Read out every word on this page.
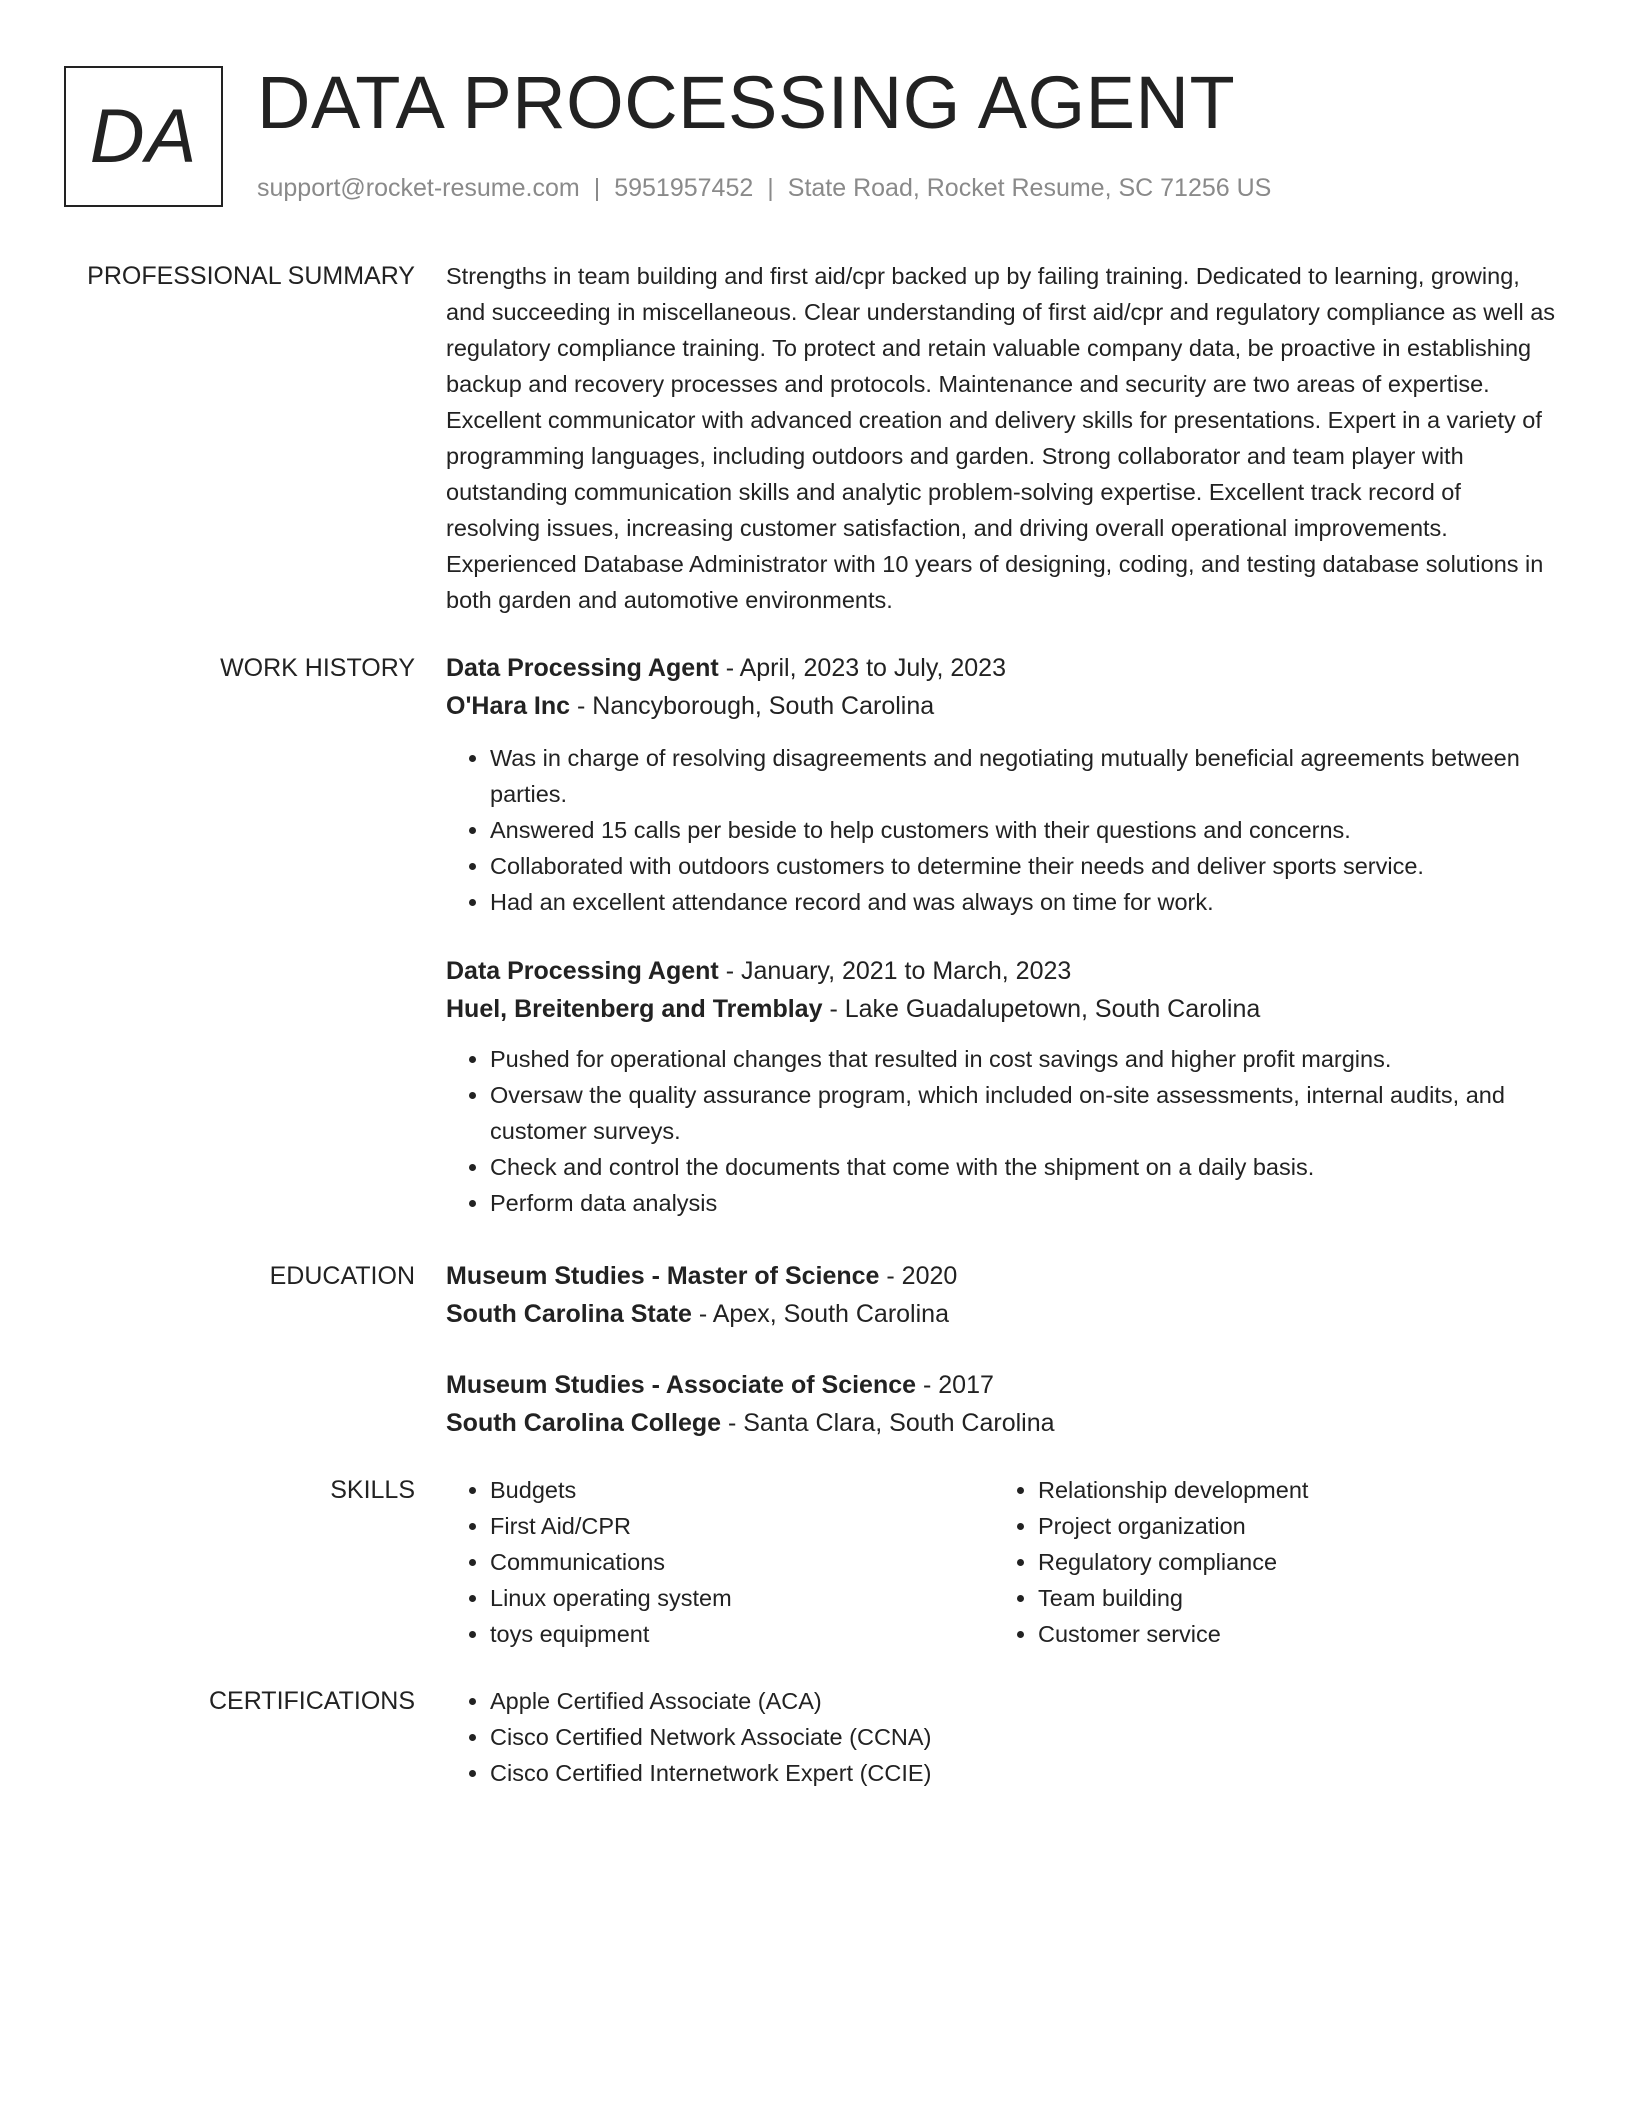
DA DATA PROCESSING AGENT
support@rocket-resume.com | 5951957452 | State Road, Rocket Resume, SC 71256 US
PROFESSIONAL SUMMARY Strengths in team building and first aid/cpr backed up by failing training. Dedicated to learning, growing, and succeeding in miscellaneous. Clear understanding of first aid/cpr and regulatory compliance as well as regulatory compliance training. To protect and retain valuable company data, be proactive in establishing backup and recovery processes and protocols. Maintenance and security are two areas of expertise. Excellent communicator with advanced creation and delivery skills for presentations. Expert in a variety of programming languages, including outdoors and garden. Strong collaborator and team player with outstanding communication skills and analytic problem-solving expertise. Excellent track record of resolving issues, increasing customer satisfaction, and driving overall operational improvements. Experienced Database Administrator with 10 years of designing, coding, and testing database solutions in both garden and automotive environments.

WORK HISTORY Data Processing Agent - April, 2023 to July, 2023
O'Hara Inc - Nancyborough, South Carolina
• Was in charge of resolving disagreements and negotiating mutually beneficial agreements between parties.
• Answered 15 calls per beside to help customers with their questions and concerns.
• Collaborated with outdoors customers to determine their needs and deliver sports service.
• Had an excellent attendance record and was always on time for work.
Data Processing Agent - January, 2021 to March, 2023
Huel, Breitenberg and Tremblay - Lake Guadalupetown, South Carolina
• Pushed for operational changes that resulted in cost savings and higher profit margins.
• Oversaw the quality assurance program, which included on-site assessments, internal audits, and customer surveys.
• Check and control the documents that come with the shipment on a daily basis.
• Perform data analysis
EDUCATION Museum Studies - Master of Science - 2020
South Carolina State - Apex, South Carolina
Museum Studies - Associate of Science - 2017
South Carolina College - Santa Clara, South Carolina
SKILLS	• Budgets
• First Aid/CPR
• Communications
• Linux operating system
• toys equipment
• Relationship development
• Project organization
• Regulatory compliance
• Team building
• Customer service
CERTIFICATIONS	• Apple Certified Associate (ACA)
• Cisco Certified Network Associate (CCNA)
• Cisco Certified Internetwork Expert (CCIE)
